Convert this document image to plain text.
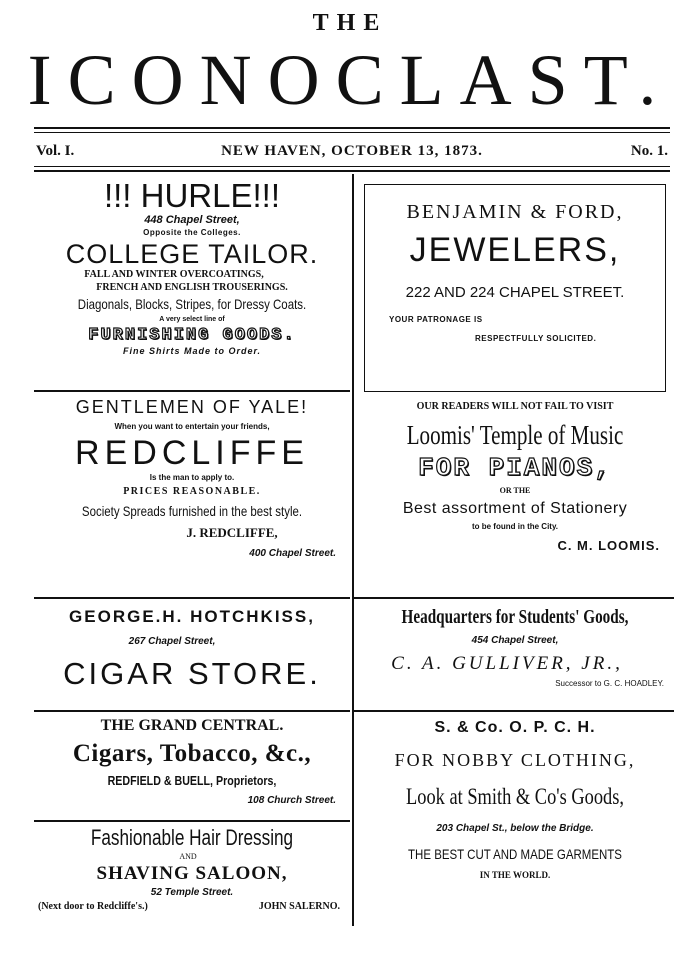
THE
ICONOCLAST.
Vol. I.	NEW HAVEN, OCTOBER 13, 1873.	No. 1.
!!! HURLE!!!
448 Chapel Street,
Opposite the Colleges.
COLLEGE TAILOR.
FALL AND WINTER OVERCOATINGS,
FRENCH AND ENGLISH TROUSERINGS.
Diagonals, Blocks, Stripes, for Dressy Coats.
A very select line of
FURNISHING GOODS.
Fine Shirts Made to Order.
GENTLEMEN OF YALE!
When you want to entertain your friends,
REDCLIFFE
Is the man to apply to.
PRICES REASONABLE.
Society Spreads furnished in the best style.
J. REDCLIFFE,
400 Chapel Street.
GEORGE.H. HOTCHKISS,
267 Chapel Street,
CIGAR STORE.
THE GRAND CENTRAL.
Cigars, Tobacco, &c.,
REDFIELD & BUELL, Proprietors,
108 Church Street.
Fashionable Hair Dressing
AND
SHAVING SALOON,
52 Temple Street.
(Next door to Redcliffe's.)	JOHN SALERNO.
BENJAMIN & FORD,
JEWELERS,
222 AND 224 CHAPEL STREET.
YOUR PATRONAGE IS
RESPECTFULLY SOLICITED.
OUR READERS WILL NOT FAIL TO VISIT
Loomis' Temple of Music
FOR PIANOS,
OR THE
Best assortment of Stationery
to be found in the City.
C. M. LOOMIS.
Headquarters for Students' Goods,
454 Chapel Street,
C. A. GULLIVER, JR.,
Successor to G. C. HOADLEY.
S. & Co. O. P. C. H.
FOR NOBBY CLOTHING,
Look at Smith & Co's Goods,
203 Chapel St., below the Bridge.
THE BEST CUT AND MADE GARMENTS
IN THE WORLD.
